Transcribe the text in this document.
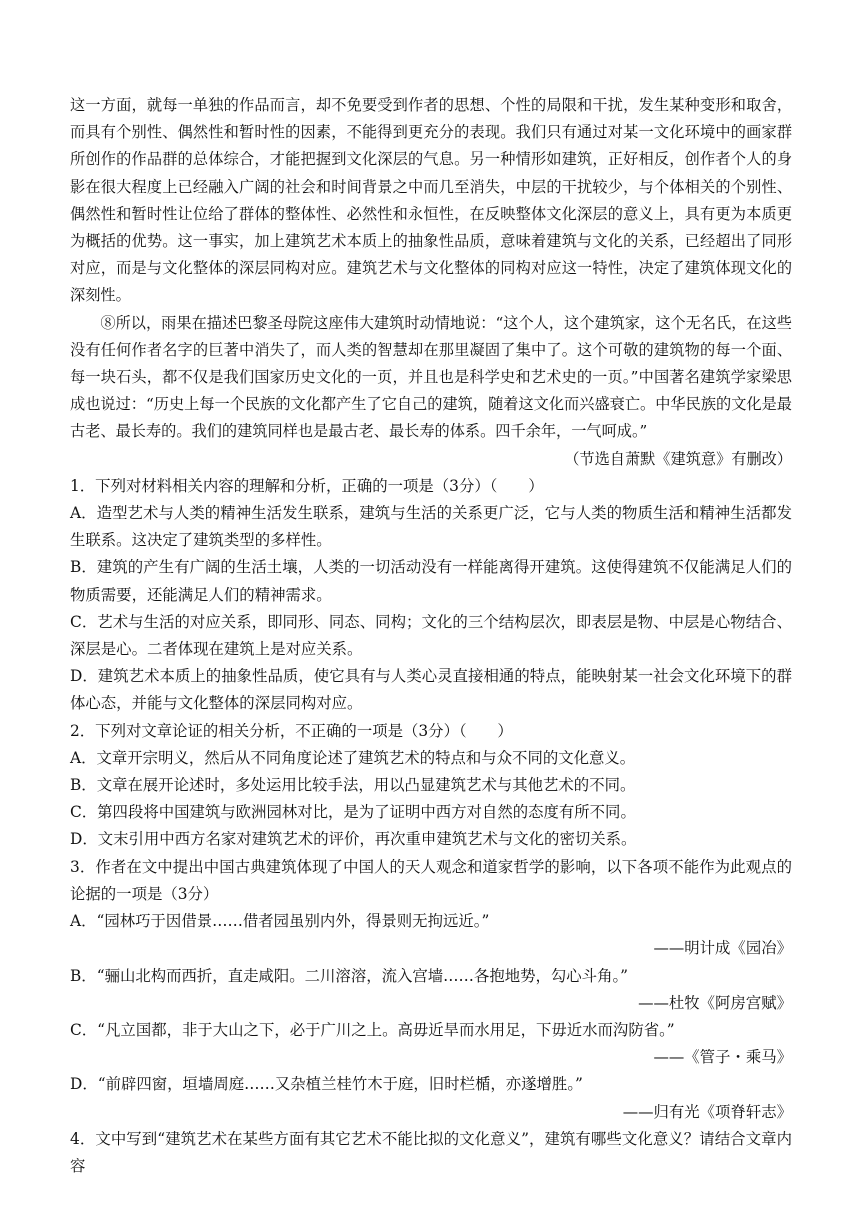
这一方面，就每一单独的作品而言，却不免要受到作者的思想、个性的局限和干扰，发生某种变形和取舍，而具有个别性、偶然性和暂时性的因素，不能得到更充分的表现。我们只有通过对某一文化环境中的画家群所创作的作品群的总体综合，才能把握到文化深层的气息。另一种情形如建筑，正好相反，创作者个人的身影在很大程度上已经融入广阔的社会和时间背景之中而几至消失，中层的干扰较少，与个体相关的个别性、偶然性和暂时性让位给了群体的整体性、必然性和永恒性，在反映整体文化深层的意义上，具有更为本质更为概括的优势。这一事实，加上建筑艺术本质上的抽象性品质，意味着建筑与文化的关系，已经超出了同形对应，而是与文化整体的深层同构对应。建筑艺术与文化整体的同构对应这一特性，决定了建筑体现文化的深刻性。

⑧所以，雨果在描述巴黎圣母院这座伟大建筑时动情地说：“这个人，这个建筑家，这个无名氏，在这些没有任何作者名字的巨著中消失了，而人类的智慧却在那里凝固了集中了。这个可敬的建筑物的每一个面、每一块石头，都不仅是我们国家历史文化的一页，并且也是科学史和艺术史的一页。”中国著名建筑学家梁思成也说过：“历史上每一个民族的文化都产生了它自己的建筑，随着这文化而兴盛衰亡。中华民族的文化是最古老、最长寿的。我们的建筑同样也是最古老、最长寿的体系。四千余年，一气呵成。”

（节选自萧默《建筑意》有删改）

1．下列对材料相关内容的理解和分析，正确的一项是（3分）（　　）

A．造型艺术与人类的精神生活发生联系，建筑与生活的关系更广泛，它与人类的物质生活和精神生活都发生联系。这决定了建筑类型的多样性。

B．建筑的产生有广阔的生活土壤，人类的一切活动没有一样能离得开建筑。这使得建筑不仅能满足人们的物质需要，还能满足人们的精神需求。

C．艺术与生活的对应关系，即同形、同态、同构；文化的三个结构层次，即表层是物、中层是心物结合、深层是心。二者体现在建筑上是对应关系。

D．建筑艺术本质上的抽象性品质，使它具有与人类心灵直接相通的特点，能映射某一社会文化环境下的群体心态，并能与文化整体的深层同构对应。

2．下列对文章论证的相关分析，不正确的一项是（3分）（　　）

A．文章开宗明义，然后从不同角度论述了建筑艺术的特点和与众不同的文化意义。

B．文章在展开论述时，多处运用比较手法，用以凸显建筑艺术与其他艺术的不同。

C．第四段将中国建筑与欧洲园林对比，是为了证明中西方对自然的态度有所不同。

D．文末引用中西方名家对建筑艺术的评价，再次重申建筑艺术与文化的密切关系。

3．作者在文中提出中国古典建筑体现了中国人的天人观念和道家哲学的影响，以下各项不能作为此观点的论据的一项是（3分）

A．“园林巧于因借景……借者园虽别内外，得景则无拘远近。”

——明计成《园冶》

B．“骊山北构而西折，直走咸阳。二川溶溶，流入宫墙……各抱地势，勾心斗角。”

——杜牧《阿房宫赋》

C．“凡立国都，非于大山之下，必于广川之上。高毋近旱而水用足，下毋近水而沟防省。”

——《管子・乘马》

D．“前辟四窗，垣墙周庭……又杂植兰桂竹木于庭，旧时栏楯，亦遂增胜。”

——归有光《项脊轩志》

4．文中写到“建筑艺术在某些方面有其它艺术不能比拟的文化意义”，建筑有哪些文化意义？请结合文章内容
